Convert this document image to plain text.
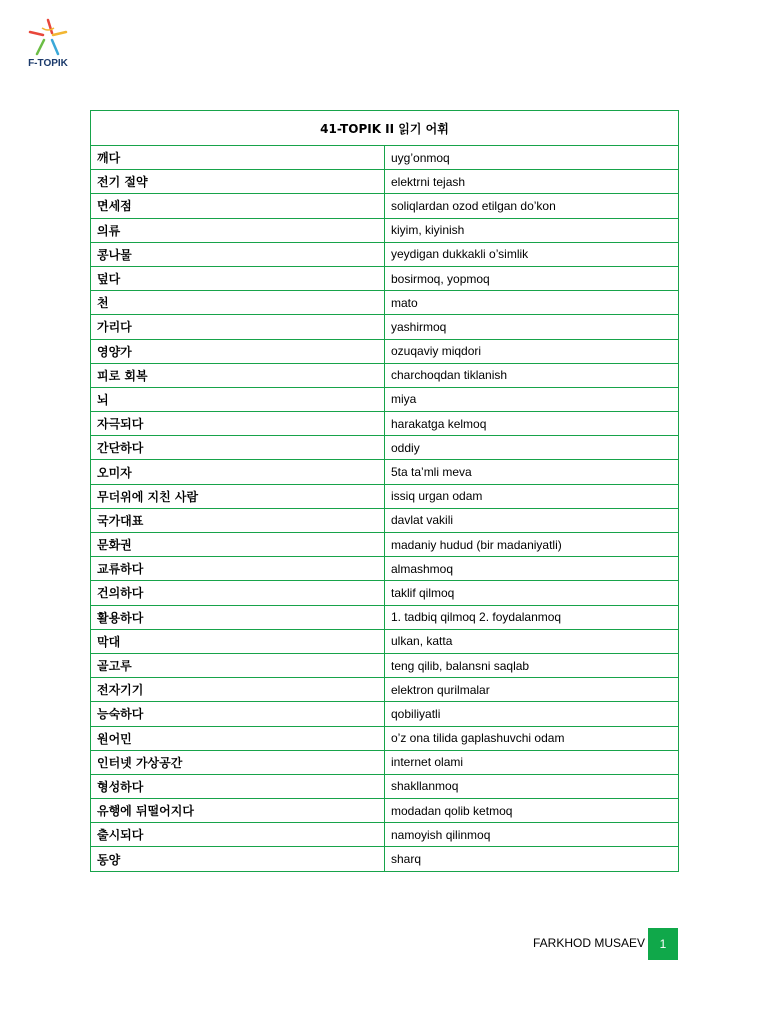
F-TOPIK
41-TOPIK II 읽기 어휘	
깨다	uyg’onmoq
전기 절약	elektrni tejash
면세점	soliqlardan ozod etilgan do’kon
의류	kiyim, kiyinish
콩나물	yeydigan dukkakli o’simlik
덮다	bosirmoq, yopmoq
천	mato
가리다	yashirmoq
영양가	ozuqaviy miqdori
피로 회복	charchoqdan tiklanish
뇌	miya
자극되다	harakatga kelmoq
간단하다	oddiy
오미자	5ta ta’mli meva
무더위에 지친 사람	issiq urgan odam
국가대표	davlat vakili
문화권	madaniy hudud (bir madaniyatli)
교류하다	almashmoq
건의하다	taklif qilmoq
활용하다	1. tadbiq qilmoq 2. foydalanmoq
막대	ulkan, katta
골고루	teng qilib, balansni saqlab
전자기기	elektron qurilmalar
능숙하다	qobiliyatli
원어민	o’z ona tilida gaplashuvchi odam
인터넷 가상공간	internet olami
형성하다	shakllanmoq
유행에 뒤떨어지다	modadan qolib ketmoq
출시되다	namoyish qilinmoq
동양	sharq
FARKHOD MUSAEV	1
